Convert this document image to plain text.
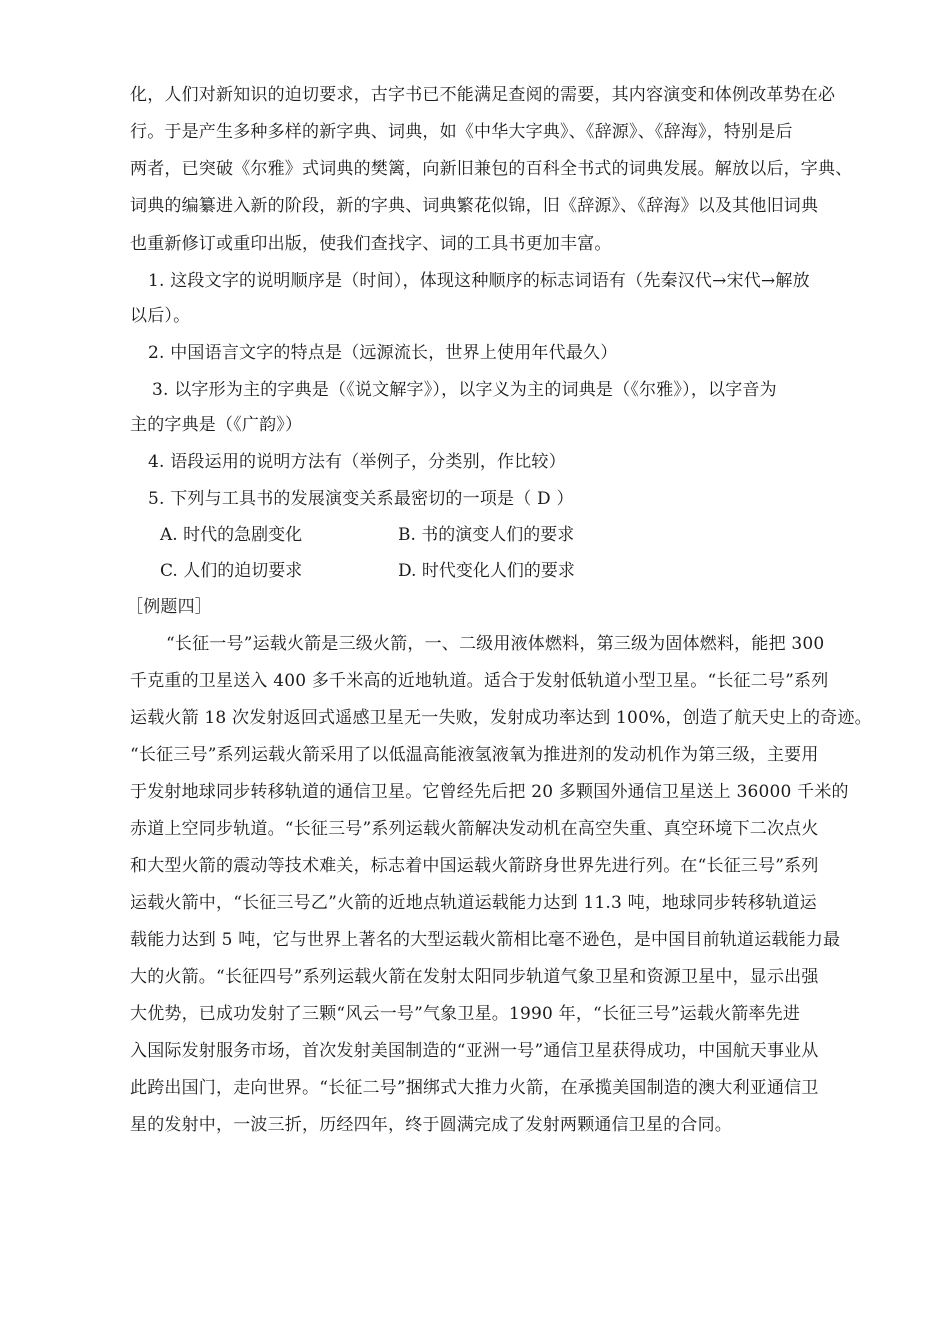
化，人们对新知识的迫切要求，古字书已不能满足查阅的需要，其内容演变和体例改革势在必
行。于是产生多种多样的新字典、词典，如《中华大字典》、《辞源》、《辞海》，特别是后
两者，已突破《尔雅》式词典的樊篱，向新旧兼包的百科全书式的词典发展。解放以后，字典、
词典的编纂进入新的阶段，新的字典、词典繁花似锦，旧《辞源》、《辞海》以及其他旧词典
也重新修订或重印出版，使我们查找字、词的工具书更加丰富。
1. 这段文字的说明顺序是（时间），体现这种顺序的标志词语有（先秦汉代→宋代→解放
以后）。
2. 中国语言文字的特点是（远源流长，世界上使用年代最久）
3. 以字形为主的字典是（《说文解字》），以字义为主的词典是（《尔雅》），以字音为
主的字典是（《广韵》）
4. 语段运用的说明方法有（举例子，分类别，作比较）
5. 下列与工具书的发展演变关系最密切的一项是（ D ）
A. 时代的急剧变化	B. 书的演变人们的要求
C. 人们的迫切要求	D. 时代变化人们的要求
［例题四］
“长征一号”运载火箭是三级火箭，一、二级用液体燃料，第三级为固体燃料，能把 300
千克重的卫星送入 400 多千米高的近地轨道。适合于发射低轨道小型卫星。“长征二号”系列
运载火箭 18 次发射返回式遥感卫星无一失败，发射成功率达到 100%，创造了航天史上的奇迹。
“长征三号”系列运载火箭采用了以低温高能液氢液氧为推进剂的发动机作为第三级，主要用
于发射地球同步转移轨道的通信卫星。它曾经先后把 20 多颗国外通信卫星送上 36000 千米的
赤道上空同步轨道。“长征三号”系列运载火箭解决发动机在高空失重、真空环境下二次点火
和大型火箭的震动等技术难关，标志着中国运载火箭跻身世界先进行列。在“长征三号”系列
运载火箭中，“长征三号乙”火箭的近地点轨道运载能力达到 11.3 吨，地球同步转移轨道运
载能力达到 5 吨，它与世界上著名的大型运载火箭相比毫不逊色，是中国目前轨道运载能力最
大的火箭。“长征四号”系列运载火箭在发射太阳同步轨道气象卫星和资源卫星中，显示出强
大优势，已成功发射了三颗“风云一号”气象卫星。1990 年，“长征三号”运载火箭率先进
入国际发射服务市场，首次发射美国制造的“亚洲一号”通信卫星获得成功，中国航天事业从
此跨出国门，走向世界。“长征二号”捆绑式大推力火箭，在承揽美国制造的澳大利亚通信卫
星的发射中，一波三折，历经四年，终于圆满完成了发射两颗通信卫星的合同。
